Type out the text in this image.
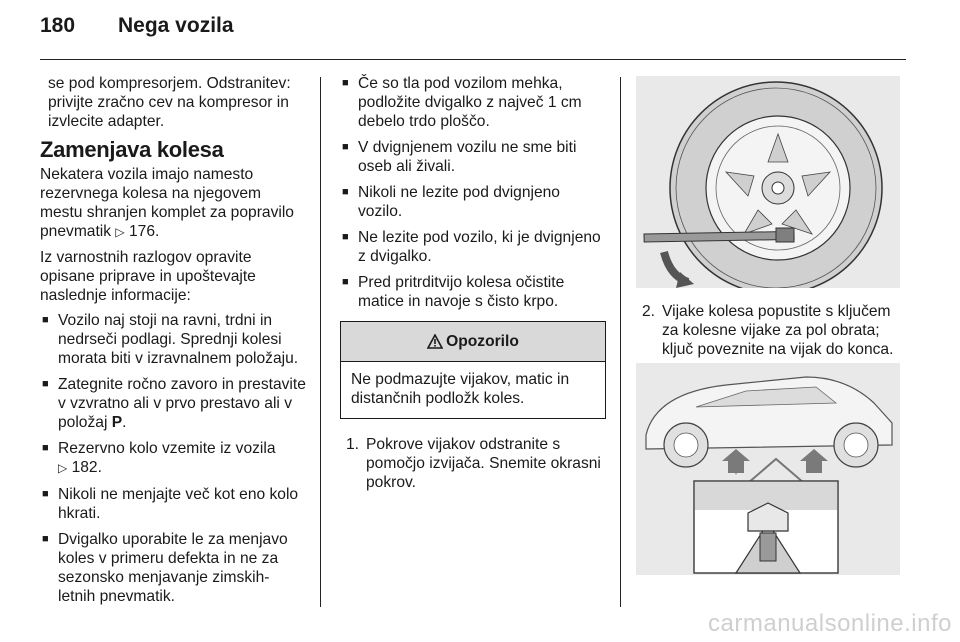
180	Nega vozila

se pod kompresorjem. Odstranitev: privijte zračno cev na kompresor in izvlecite adapter.

Zamenjava kolesa

Nekatera vozila imajo namesto rezervnega kolesa na njegovem mestu shranjen komplet za popravilo pnevmatik ▷ 176.

Iz varnostnih razlogov opravite opisane priprave in upoštevajte naslednje informacije:

■ Vozilo naj stoji na ravni, trdni in nedrseči podlagi. Sprednji kolesi morata biti v izravnalnem položaju.
■ Zategnite ročno zavoro in prestavite v vzvratno ali v prvo prestavo ali v položaj P.
■ Rezervno kolo vzemite iz vozila
▷ 182.
■ Nikoli ne menjajte več kot eno kolo hkrati.
■ Dvigalko uporabite le za menjavo koles v primeru defekta in ne za sezonsko menjavanje zimskih-letnih pnevmatik.
■ Če so tla pod vozilom mehka, podložite dvigalko z največ 1 cm debelo trdo ploščo.
■ V dvignjenem vozilu ne sme biti oseb ali živali.
■ Nikoli ne lezite pod dvignjeno vozilo.
■ Ne lezite pod vozilo, ki je dvignjeno z dvigalko.
■ Pred pritrditvijo kolesa očistite matice in navoje s čisto krpo.
Opozorilo
Ne podmazujte vijakov, matic in distančnih podložk koles.
1. Pokrove vijakov odstranite s pomočjo izvijača. Snemite okrasni pokrov.
2. Vijake kolesa popustite s ključem za kolesne vijake za pol obrata; ključ poveznite na vijak do konca.
carmanualsonline.info
